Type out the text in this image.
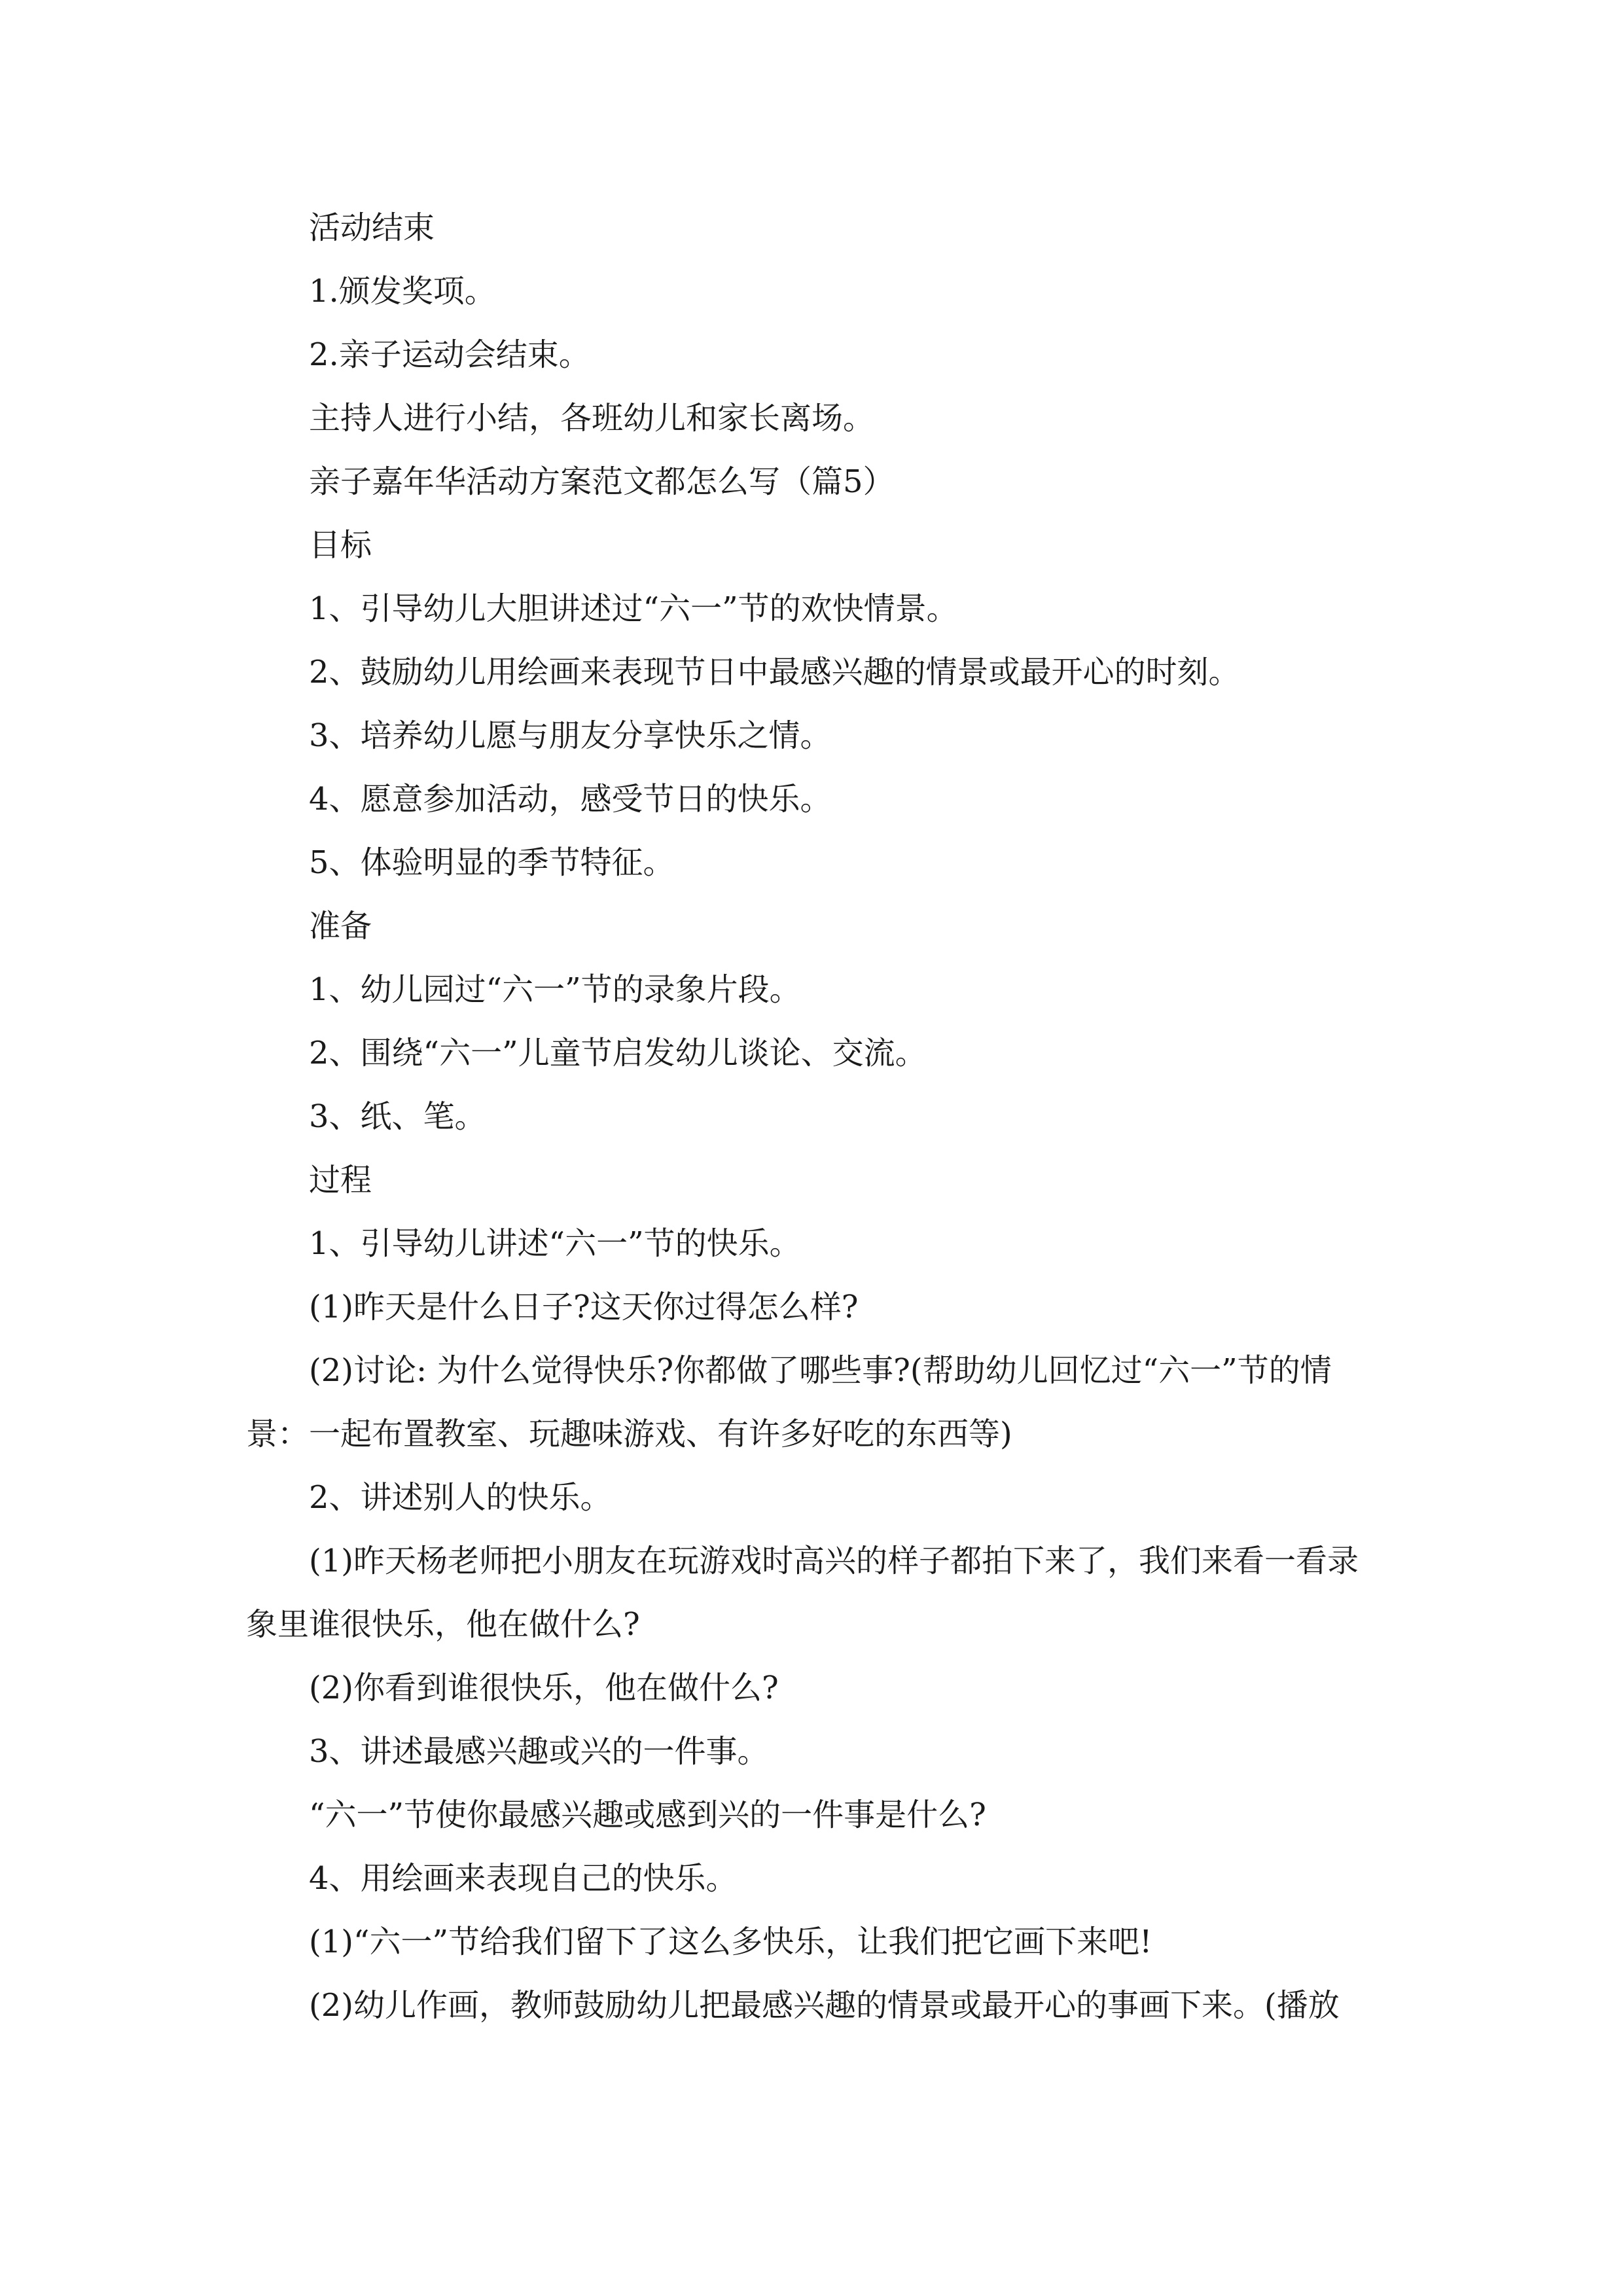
活动结束

1.颁发奖项。

2.亲子运动会结束。

主持人进行小结，各班幼儿和家长离场。

亲子嘉年华活动方案范文都怎么写（篇5）

目标

1、引导幼儿大胆讲述过“六一”节的欢快情景。

2、鼓励幼儿用绘画来表现节日中最感兴趣的情景或最开心的时刻。

3、培养幼儿愿与朋友分享快乐之情。

4、愿意参加活动，感受节日的快乐。

5、体验明显的季节特征。

准备

1、幼儿园过“六一”节的录象片段。

2、围绕“六一”儿童节启发幼儿谈论、交流。

3、纸、笔。

过程

1、引导幼儿讲述“六一”节的快乐。

(1)昨天是什么日子?这天你过得怎么样?

(2)讨论: 为什么觉得快乐?你都做了哪些事?(帮助幼儿回忆过“六一”节的情景：一起布置教室、玩趣味游戏、有许多好吃的东西等)

2、讲述别人的快乐。

(1)昨天杨老师把小朋友在玩游戏时高兴的样子都拍下来了，我们来看一看录象里谁很快乐，他在做什么?

(2)你看到谁很快乐，他在做什么?

3、讲述最感兴趣或兴的一件事。

“六一”节使你最感兴趣或感到兴的一件事是什么?

4、用绘画来表现自己的快乐。

(1)“六一”节给我们留下了这么多快乐，让我们把它画下来吧!

(2)幼儿作画，教师鼓励幼儿把最感兴趣的情景或最开心的事画下来。(播放
